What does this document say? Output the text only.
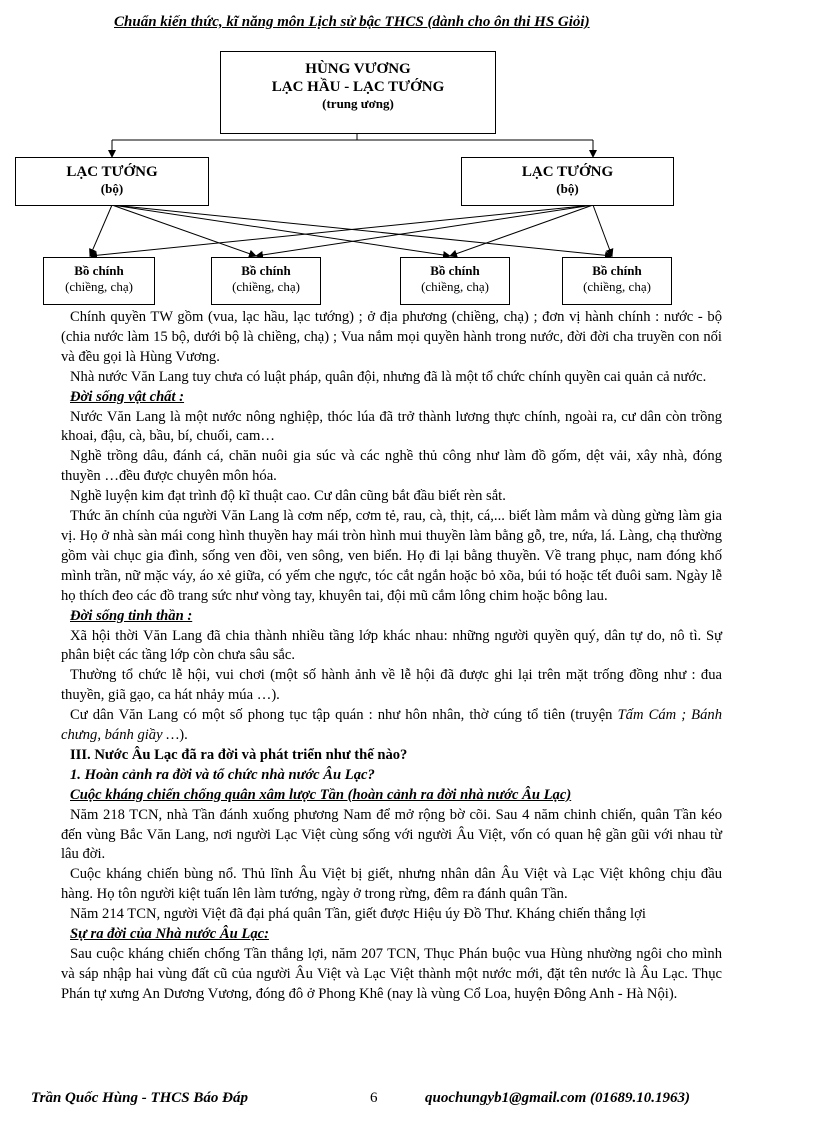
Chuẩn kiến thức, kĩ năng môn Lịch sử bậc THCS (dành cho ôn thi HS Giỏi)
HÙNG VƯƠNG
LẠC HẦU - LẠC TƯỚNG
(trung ương)
LẠC TƯỚNG
(bộ)
LẠC TƯỚNG
(bộ)
Bồ chính
(chiềng, chạ)
Bồ chính
(chiềng, chạ)
Bồ chính
(chiềng, chạ)
Bồ chính
(chiềng, chạ)

Chính quyền TW gồm (vua, lạc hầu, lạc tướng) ; ở địa phương (chiềng, chạ) ; đơn vị hành chính : nước - bộ (chia nước làm 15 bộ, dưới bộ là chiềng, chạ) ; Vua nắm mọi quyền hành trong nước, đời đời cha truyền con nối và đều gọi là Hùng Vương.

Nhà nước Văn Lang tuy chưa có luật pháp, quân đội, nhưng đã là một tổ chức chính quyền cai quản cả nước.

Đời sống vật chất :

Nước Văn Lang là một nước nông nghiệp, thóc lúa đã trở thành lương thực chính, ngoài ra, cư dân còn trồng khoai, đậu, cà, bầu, bí, chuối, cam…

Nghề trồng dâu, đánh cá, chăn nuôi gia súc và các nghề thủ công như làm đồ gốm, dệt vải, xây nhà, đóng thuyền …đều được chuyên môn hóa.

Nghề luyện kim đạt trình độ kĩ thuật cao. Cư dân cũng bắt đầu biết rèn sắt.

Thức ăn chính của người Văn Lang là cơm nếp, cơm tẻ, rau, cà, thịt, cá,... biết làm mắm và dùng gừng làm gia vị. Họ ở nhà sàn mái cong hình thuyền hay mái tròn hình mui thuyền làm bằng gỗ, tre, nứa, lá. Làng, chạ thường gồm vài chục gia đình, sống ven đồi, ven sông, ven biển. Họ đi lại bằng thuyền. Về trang phục, nam đóng khố mình trần, nữ mặc váy, áo xẻ giữa, có yếm che ngực, tóc cắt ngắn hoặc bỏ xõa, búi tó hoặc tết đuôi sam. Ngày lễ họ thích đeo các đồ trang sức như vòng tay, khuyên tai, đội mũ cắm lông chim hoặc bông lau.

Đời sống tinh thần :

Xã hội thời Văn Lang đã chia thành nhiều tầng lớp khác nhau: những người quyền quý, dân tự do, nô tì. Sự phân biệt các tầng lớp còn chưa sâu sắc.

Thường tổ chức lễ hội, vui chơi (một số hành ảnh về lễ hội đã được ghi lại trên mặt trống đồng như : đua thuyền, giã gạo, ca hát nhảy múa …).

Cư dân Văn Lang có một số phong tục tập quán : như hôn nhân, thờ cúng tổ tiên (truyện Tấm Cám ; Bánh chưng, bánh giầy …).

III. Nước Âu Lạc đã ra đời và phát triển như thế nào?

1. Hoàn cảnh ra đời và tổ chức nhà nước Âu Lạc?

Cuộc kháng chiến chống quân xâm lược Tần (hoàn cảnh ra đời nhà nước Âu Lạc)

Năm 218 TCN, nhà Tần đánh xuống phương Nam để mở rộng bờ cõi. Sau 4 năm chinh chiến, quân Tần kéo đến vùng Bắc Văn Lang, nơi người Lạc Việt cùng sống với người Âu Việt, vốn có quan hệ gần gũi với nhau từ lâu đời.

Cuộc kháng chiến bùng nổ. Thủ lĩnh Âu Việt bị giết, nhưng nhân dân Âu Việt và Lạc Việt không chịu đầu hàng. Họ tôn người kiệt tuấn lên làm tướng, ngày ở trong rừng, đêm ra đánh quân Tần.

Năm 214 TCN, người Việt đã đại phá quân Tần, giết được Hiệu úy Đồ Thư. Kháng chiến thắng lợi

Sự ra đời của Nhà nước Âu Lạc:

Sau cuộc kháng chiến chống Tần thắng lợi, năm 207 TCN, Thục Phán buộc vua Hùng nhường ngôi cho mình và sáp nhập hai vùng đất cũ của người Âu Việt và Lạc Việt thành một nước mới, đặt tên nước là Âu Lạc. Thục Phán tự xưng An Dương Vương, đóng đô ở Phong Khê (nay là vùng Cổ Loa, huyện Đông Anh - Hà Nội).

Trần Quốc Hùng - THCS Báo Đáp	6	quochungyb1@gmail.com (01689.10.1963)
